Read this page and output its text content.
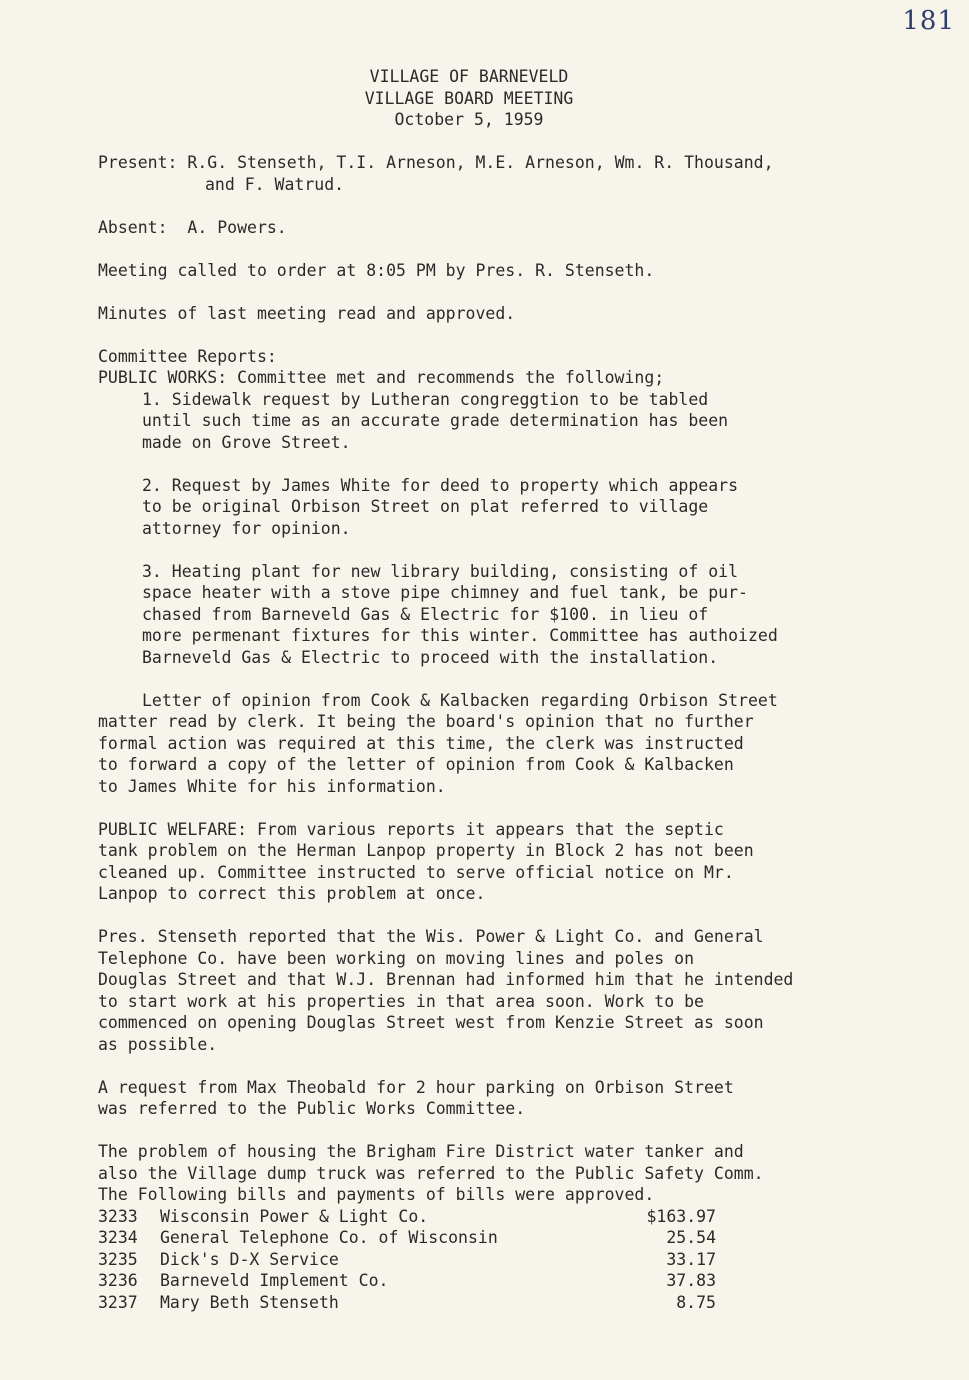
181
VILLAGE OF BARNEVELD
VILLAGE BOARD MEETING
October 5, 1959
Present: R.G. Stenseth, T.I. Arneson, M.E. Arneson, Wm. R. Thousand,
and F. Watrud.
Absent:  A. Powers.
Meeting called to order at 8:05 PM by Pres. R. Stenseth.
Minutes of last meeting read and approved.
Committee Reports:
PUBLIC WORKS: Committee met and recommends the following;
1. Sidewalk request by Lutheran congreggtion to be tabled
until such time as an accurate grade determination has been
made on Grove Street.
2. Request by James White for deed to property which appears
to be original Orbison Street on plat referred to village
attorney for opinion.
3. Heating plant for new library building, consisting of oil
space heater with a stove pipe chimney and fuel tank, be pur-
chased from Barneveld Gas & Electric for $100. in lieu of
more permenant fixtures for this winter. Committee has authoized
Barneveld Gas & Electric to proceed with the installation.
Letter of opinion from Cook & Kalbacken regarding Orbison Street
matter read by clerk. It being the board's opinion that no further
formal action was required at this time, the clerk was instructed
to forward a copy of the letter of opinion from Cook & Kalbacken
to James White for his information.
PUBLIC WELFARE: From various reports it appears that the septic
tank problem on the Herman Lanpop property in Block 2 has not been
cleaned up. Committee instructed to serve official notice on Mr.
Lanpop to correct this problem at once.
Pres. Stenseth reported that the Wis. Power & Light Co. and General
Telephone Co. have been working on moving lines and poles on
Douglas Street and that W.J. Brennan had informed him that he intended
to start work at his properties in that area soon. Work to be
commenced on opening Douglas Street west from Kenzie Street as soon
as possible.
A request from Max Theobald for 2 hour parking on Orbison Street
was referred to the Public Works Committee.
The problem of housing the Brigham Fire District water tanker and
also the Village dump truck was referred to the Public Safety Comm.
The Following bills and payments of bills were approved.
3233	Wisconsin Power & Light Co.	$163.97
3234	General Telephone Co. of Wisconsin	25.54
3235	Dick's D-X Service	33.17
3236	Barneveld Implement Co.	37.83
3237	Mary Beth Stenseth	8.75
